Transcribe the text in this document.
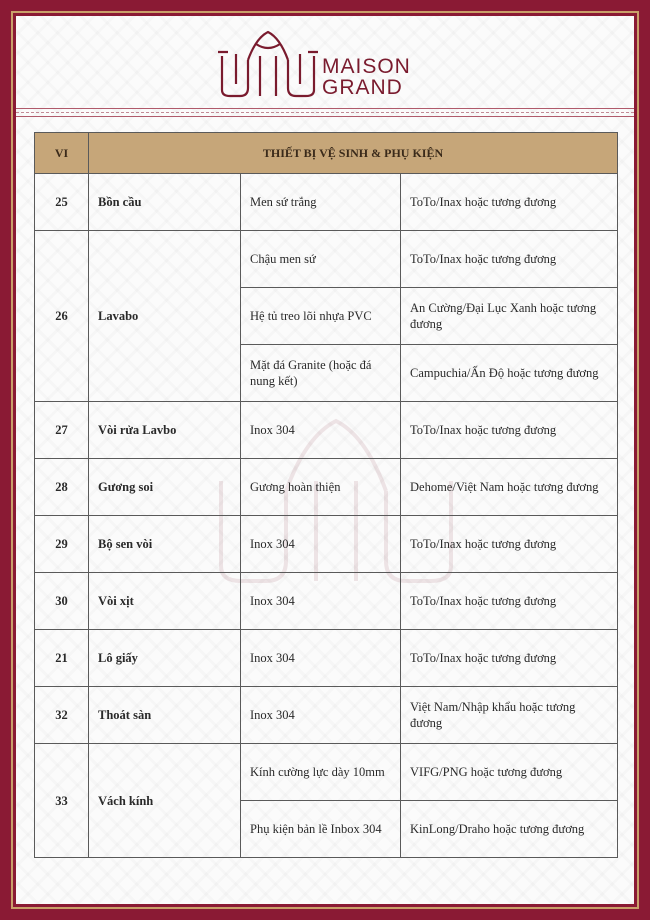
MAISON
GRAND
VI	THIẾT BỊ VỆ SINH & PHỤ KIỆN		
25	Bồn cầu	Men sứ trắng	ToTo/Inax hoặc tương đương
26	Lavabo	Chậu men sứ	ToTo/Inax hoặc tương đương
		Hệ tủ treo lõi nhựa PVC	An Cường/Đại Lục Xanh hoặc tương đương
		Mặt đá Granite (hoặc đá nung kết)	Campuchia/Ấn Độ hoặc tương đương
27	Vòi rửa Lavbo	Inox 304	ToTo/Inax hoặc tương đương
28	Gương soi	Gương hoàn thiện	Dehome/Việt Nam hoặc tương đương
29	Bộ sen vòi	Inox 304	ToTo/Inax hoặc tương đương
30	Vòi xịt	Inox 304	ToTo/Inax hoặc tương đương
21	Lô giấy	Inox 304	ToTo/Inax hoặc tương đương
32	Thoát sàn	Inox 304	Việt Nam/Nhập khẩu hoặc tương đương
33	Vách kính	Kính cường lực dày 10mm	VIFG/PNG hoặc tương đương
		Phụ kiện bản lề Inbox 304	KinLong/Draho hoặc tương đương
